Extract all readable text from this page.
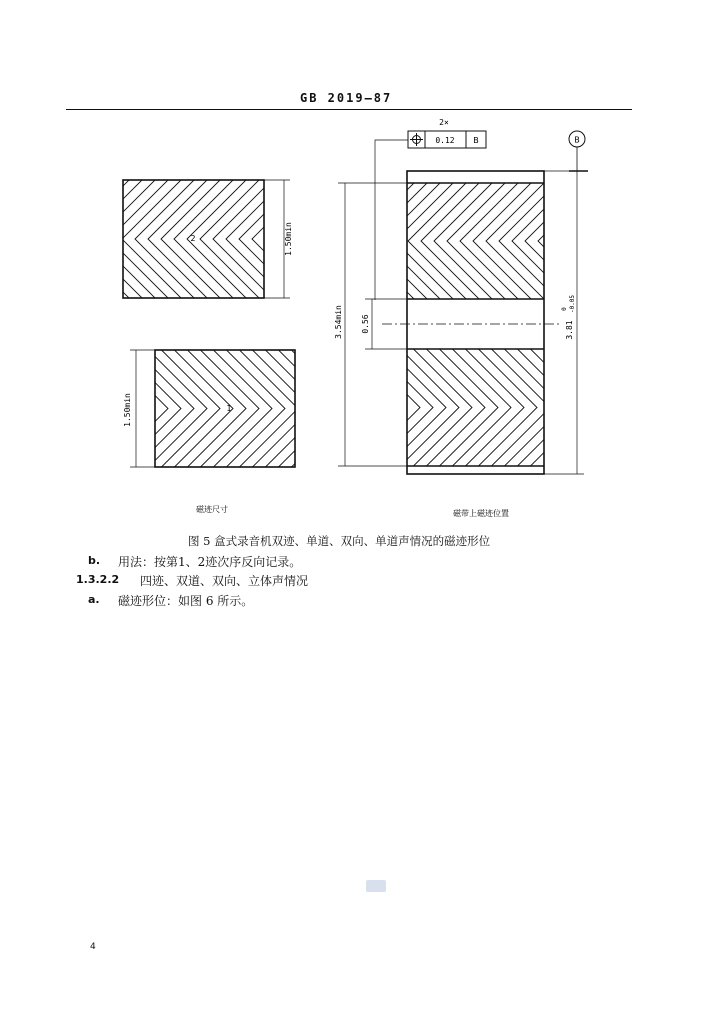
GB 2019—87
1.50min
2
1.50min	1
磁迹尺寸
2×
0.12 B	B
3.54min 0.56	3.81
0 -0.05
磁带上磁迹位置
图 5 盒式录音机双迹、单道、双向、单道声情况的磁迹形位
b. 用法：按第1、2迹次序反向记录。
1.3.2.2 四迹、双道、双向、立体声情况
a. 磁迹形位：如图 6 所示。
4
